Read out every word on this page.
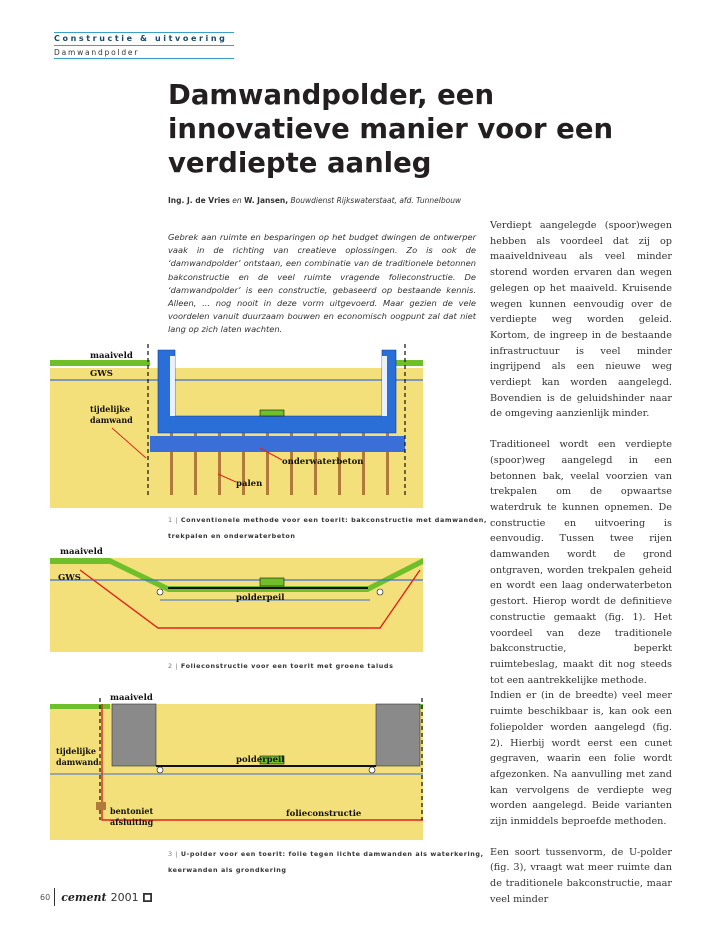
Constructie & uitvoering
Damwandpolder
Damwandpolder, een
innovatieve manier voor een
verdiepte aanleg
Ing. J. de Vries en W. Jansen, Bouwdienst Rijkswaterstaat, afd. Tunnelbouw

Gebrek aan ruimte en besparingen op het budget dwingen de ontwerper vaak in de richting van creatieve oplossingen. Zo is ook de ‘damwandpolder’ ontstaan, een combinatie van de traditionele betonnen bakconstructie en de veel ruimte vragende folieconstructie. De ‘damwandpolder’ is een constructie, gebaseerd op bestaande kennis. Alleen, ... nog nooit in deze vorm uitgevoerd. Maar gezien de vele voordelen vanuit duurzaam bouwen en economisch oogpunt zal dat niet lang op zich laten wachten.

Verdiept aangelegde (spoor)wegen hebben als voordeel dat zij op maaiveldniveau als veel minder storend worden ervaren dan wegen gelegen op het maaiveld. Kruisende wegen kunnen eenvoudig over de verdiepte weg worden geleid. Kortom, de ingreep in de bestaande infrastructuur is veel minder ingrijpend als een nieuwe weg verdiept kan worden aangelegd. Bovendien is de geluidshinder naar de omgeving aanzienlijk minder.

Traditioneel wordt een verdiepte (spoor)weg aangelegd in een betonnen bak, veelal voorzien van trekpalen om de opwaartse waterdruk te kunnen opnemen. De constructie en uitvoering is eenvoudig. Tussen twee rijen damwanden wordt de grond ontgraven, worden trekpalen geheid en wordt een laag onderwaterbeton gestort. Hierop wordt de definitieve constructie gemaakt (fig. 1). Het voordeel van deze traditionele bakconstructie, beperkt ruimtebeslag, maakt dit nog steeds tot een aantrekkelijke methode.

Indien er (in de breedte) veel meer ruimte beschikbaar is, kan ook een foliepolder worden aangelegd (fig. 2). Hierbij wordt eerst een cunet gegraven, waarin een folie wordt afgezonken. Na aanvulling met zand kan vervolgens de verdiepte weg worden aangelegd. Beide varianten zijn inmiddels beproefde methoden.

Een soort tussenvorm, de U-polder (fig. 3), vraagt wat meer ruimte dan de traditionele bakconstructie, maar veel minder

maaiveld
GWS
tijdelijke
damwand
onderwaterbeton
palen
1 | Conventionele methode voor een toerit: bakconstructie met damwanden, trekpalen en onderwaterbeton
maaiveld
GWS
polderpeil
2 | Folieconstructie voor een toerit met groene taluds
maaiveld
tijdelijke
damwand	polderpeil
bentoniet
afsluiting
folieconstructie
3 | U-polder voor een toerit: folie tegen lichte damwanden als waterkering, keerwanden als grondkering
60 cement 2001
